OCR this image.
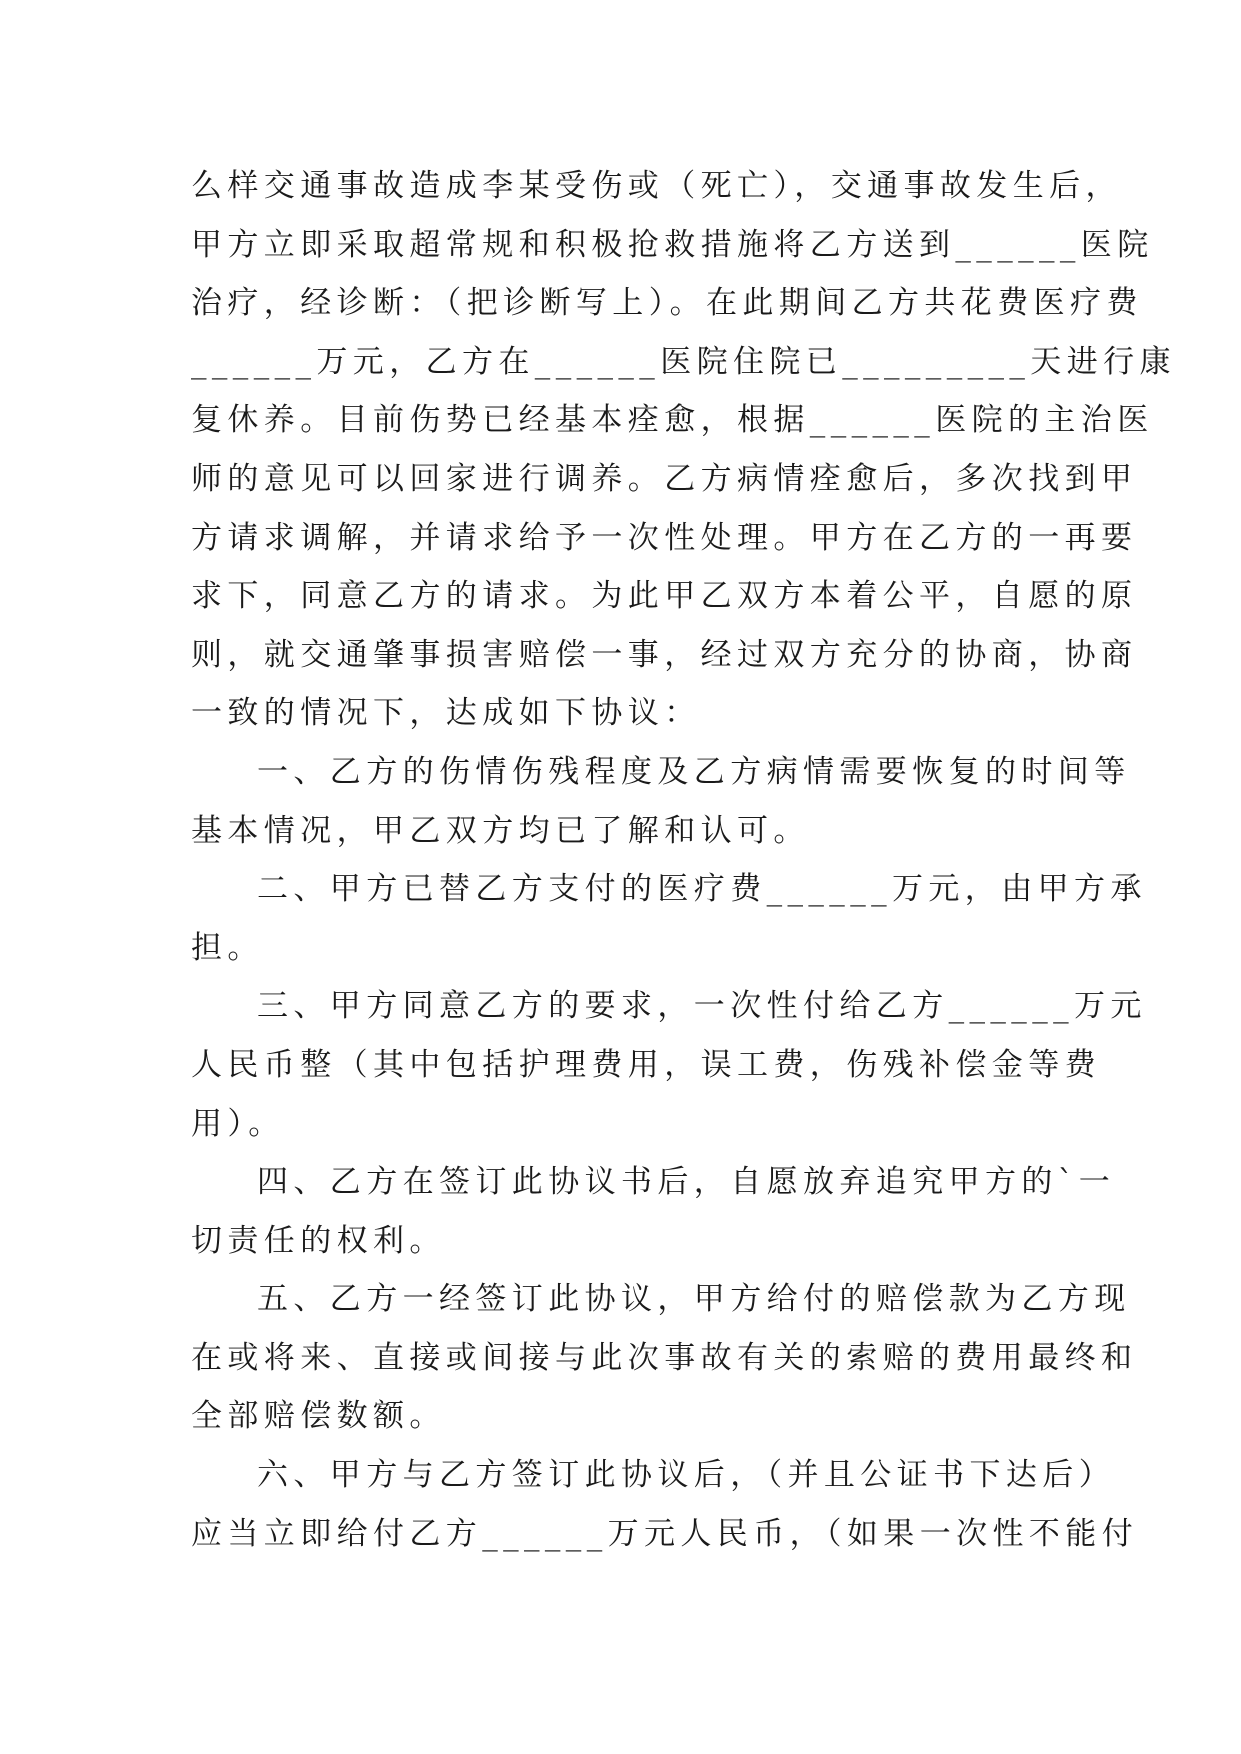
么样交通事故造成李某受伤或（死亡），交通事故发生后，
甲方立即采取超常规和积极抢救措施将乙方送到______医院
治疗，经诊断：（把诊断写上）。在此期间乙方共花费医疗费
______万元，乙方在______医院住院已_________天进行康
复休养。目前伤势已经基本痊愈，根据______医院的主治医
师的意见可以回家进行调养。乙方病情痊愈后，多次找到甲
方请求调解，并请求给予一次性处理。甲方在乙方的一再要
求下，同意乙方的请求。为此甲乙双方本着公平，自愿的原
则，就交通肇事损害赔偿一事，经过双方充分的协商，协商
一致的情况下，达成如下协议：
一、乙方的伤情伤残程度及乙方病情需要恢复的时间等
基本情况，甲乙双方均已了解和认可。
二、甲方已替乙方支付的医疗费______万元，由甲方承
担。
三、甲方同意乙方的要求，一次性付给乙方______万元
人民币整（其中包括护理费用，误工费，伤残补偿金等费
用）。
四、乙方在签订此协议书后，自愿放弃追究甲方的`一
切责任的权利。
五、乙方一经签订此协议，甲方给付的赔偿款为乙方现
在或将来、直接或间接与此次事故有关的索赔的费用最终和
全部赔偿数额。
六、甲方与乙方签订此协议后，（并且公证书下达后）
应当立即给付乙方______万元人民币，（如果一次性不能付
